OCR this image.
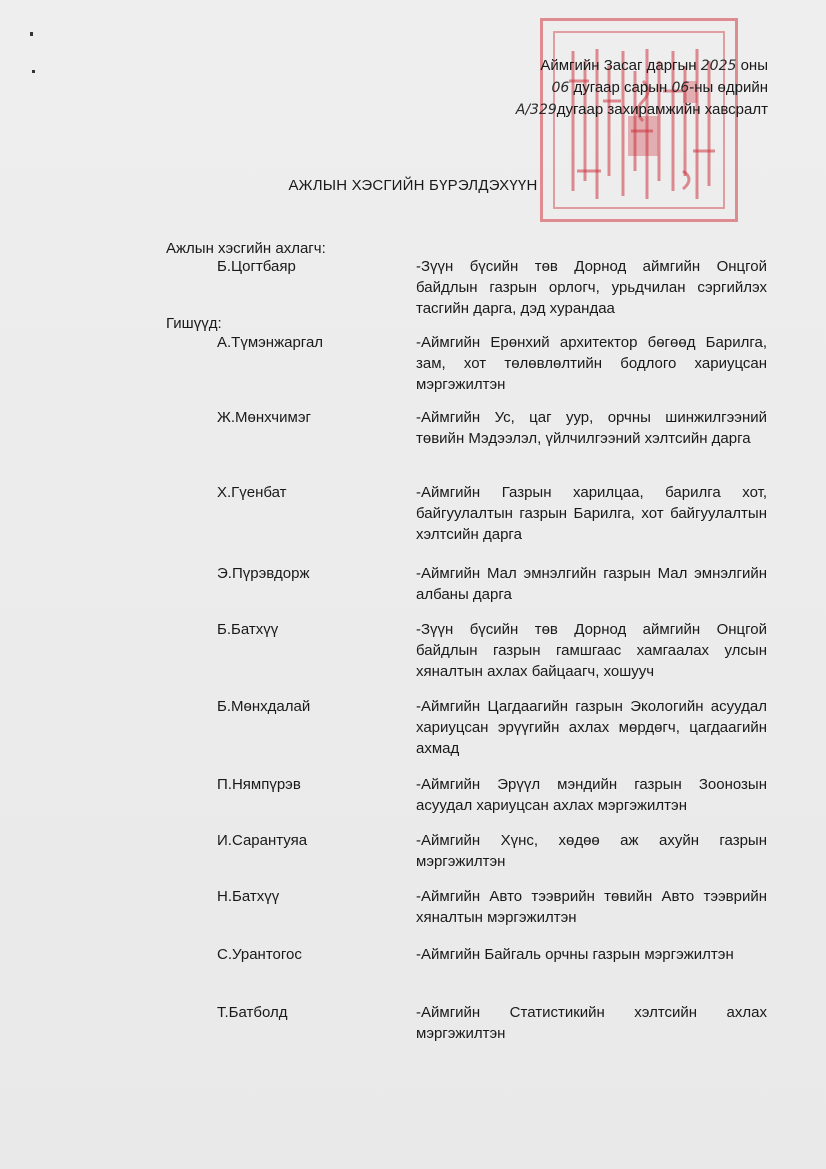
Аймгийн Засаг даргын 2025 оны
06 дугаар сарын 06-ны өдрийн
А/329дугаар захирамжийн хавсралт
АЖЛЫН ХЭСГИЙН БҮРЭЛДЭХҮҮН
Ажлын хэсгийн ахлагч:
Б.Цогтбаяр	-Зүүн бүсийн төв Дорнод аймгийн Онцгой байдлын газрын орлогч, урьдчилан сэргийлэх тасгийн дарга, дэд хурандаа
Гишүүд:
А.Түмэнжаргал	-Аймгийн Ерөнхий архитектор бөгөөд Барилга, зам, хот төлөвлөлтийн бодлого хариуцсан мэргэжилтэн
Ж.Мөнхчимэг	-Аймгийн Ус, цаг уур, орчны шинжилгээний төвийн Мэдээлэл, үйлчилгээний хэлтсийн дарга
Х.Гүенбат	-Аймгийн Газрын харилцаа, барилга хот, байгуулалтын газрын Барилга, хот байгуулалтын хэлтсийн дарга
Э.Пүрэвдорж	-Аймгийн Мал эмнэлгийн газрын Мал эмнэлгийн албаны дарга
Б.Батхүү	-Зүүн бүсийн төв Дорнод аймгийн Онцгой байдлын газрын гамшгаас хамгаалах улсын хяналтын ахлах байцаагч, хошууч
Б.Мөнхдалай	-Аймгийн Цагдаагийн газрын Экологийн асуудал хариуцсан эрүүгийн ахлах мөрдөгч, цагдаагийн ахмад
П.Нямпүрэв	-Аймгийн Эрүүл мэндийн газрын Зоонозын асуудал хариуцсан ахлах мэргэжилтэн
И.Сарантуяа	-Аймгийн Хүнс, хөдөө аж ахуйн газрын мэргэжилтэн
Н.Батхүү	-Аймгийн Авто тээврийн төвийн Авто тээврийн хяналтын мэргэжилтэн
С.Урантогос	-Аймгийн Байгаль орчны газрын мэргэжилтэн
Т.Батболд	-Аймгийн Статистикийн хэлтсийн ахлах мэргэжилтэн
